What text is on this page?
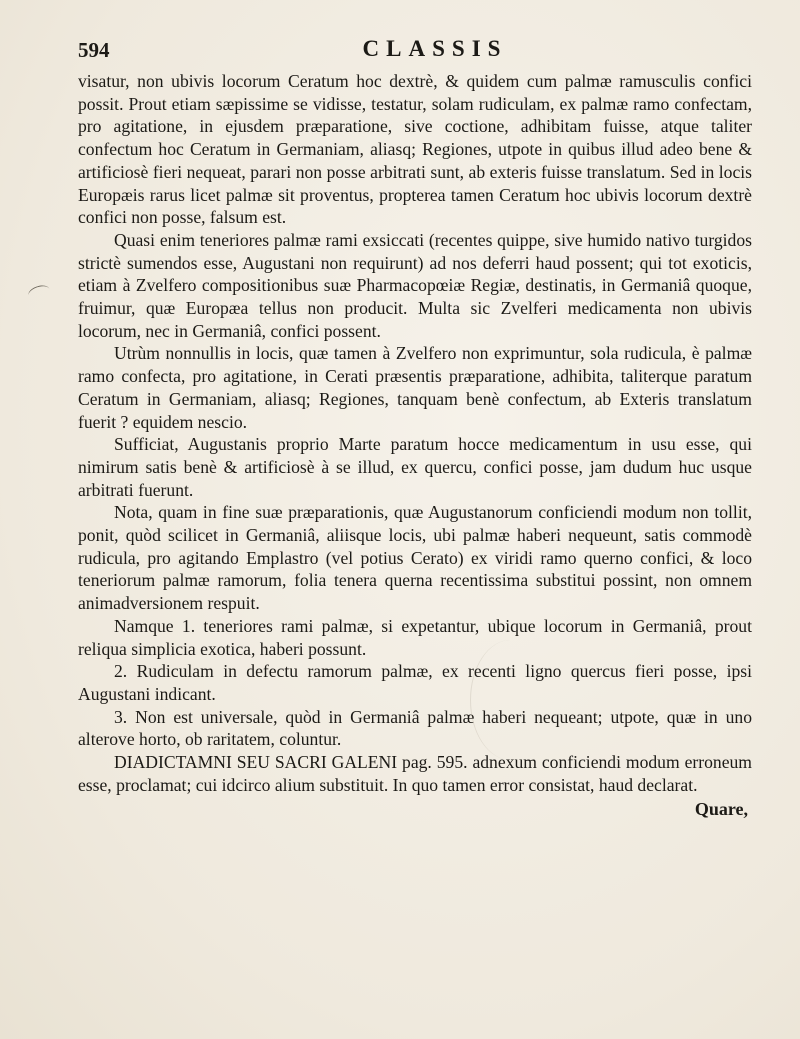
594	CLASSIS

visatur, non ubivis locorum Ceratum hoc dextrè, & quidem cum palmæ ramusculis confici possit. Prout etiam sæpissime se vidisse, testatur, solam rudiculam, ex palmæ ramo confectam, pro agitatione, in ejusdem præparatione, sive coctione, adhibitam fuisse, atque taliter confectum hoc Ceratum in Germaniam, aliasq; Regiones, utpote in quibus illud adeo bene & artificiosè fieri nequeat, parari non posse arbitrati sunt, ab exteris fuisse translatum. Sed in locis Europæis rarus licet palmæ sit proventus, propterea tamen Ceratum hoc ubivis locorum dextrè confici non posse, falsum est.

Quasi enim teneriores palmæ rami exsiccati (recentes quippe, sive humido nativo turgidos strictè sumendos esse, Augustani non requirunt) ad nos deferri haud possent; qui tot exoticis, etiam à Zvelfero compositionibus suæ Pharmacopœiæ Regiæ, destinatis, in Germaniâ quoque, fruimur, quæ Europæa tellus non producit. Multa sic Zvelferi medicamenta non ubivis locorum, nec in Germaniâ, confici possent.

Utrùm nonnullis in locis, quæ tamen à Zvelfero non exprimuntur, sola rudicula, è palmæ ramo confecta, pro agitatione, in Cerati præsentis præparatione, adhibita, taliterque paratum Ceratum in Germaniam, aliasq; Regiones, tanquam benè confectum, ab Exteris translatum fuerit ? equidem nescio.

Sufficiat, Augustanis proprio Marte paratum hocce medicamentum in usu esse, qui nimirum satis benè & artificiosè à se illud, ex quercu, confici posse, jam dudum huc usque arbitrati fuerunt.

Nota, quam in fine suæ præparationis, quæ Augustanorum conficiendi modum non tollit, ponit, quòd scilicet in Germaniâ, aliisque locis, ubi palmæ haberi nequeunt, satis commodè rudicula, pro agitando Emplastro (vel potius Cerato) ex viridi ramo querno confici, & loco teneriorum palmæ ramorum, folia tenera querna recentissima substitui possint, non omnem animadversionem respuit.

Namque 1. teneriores rami palmæ, si expetantur, ubique locorum in Germaniâ, prout reliqua simplicia exotica, haberi possunt.

2. Rudiculam in defectu ramorum palmæ, ex recenti ligno quercus fieri posse, ipsi Augustani indicant.

3. Non est universale, quòd in Germaniâ palmæ haberi nequeant; utpote, quæ in uno alterove horto, ob raritatem, coluntur.

DIADICTAMNI SEU SACRI GALENI pag. 595. adnexum conficiendi modum erroneum esse, proclamat; cui idcirco alium substituit. In quo tamen error consistat, haud declarat.

Quare,
